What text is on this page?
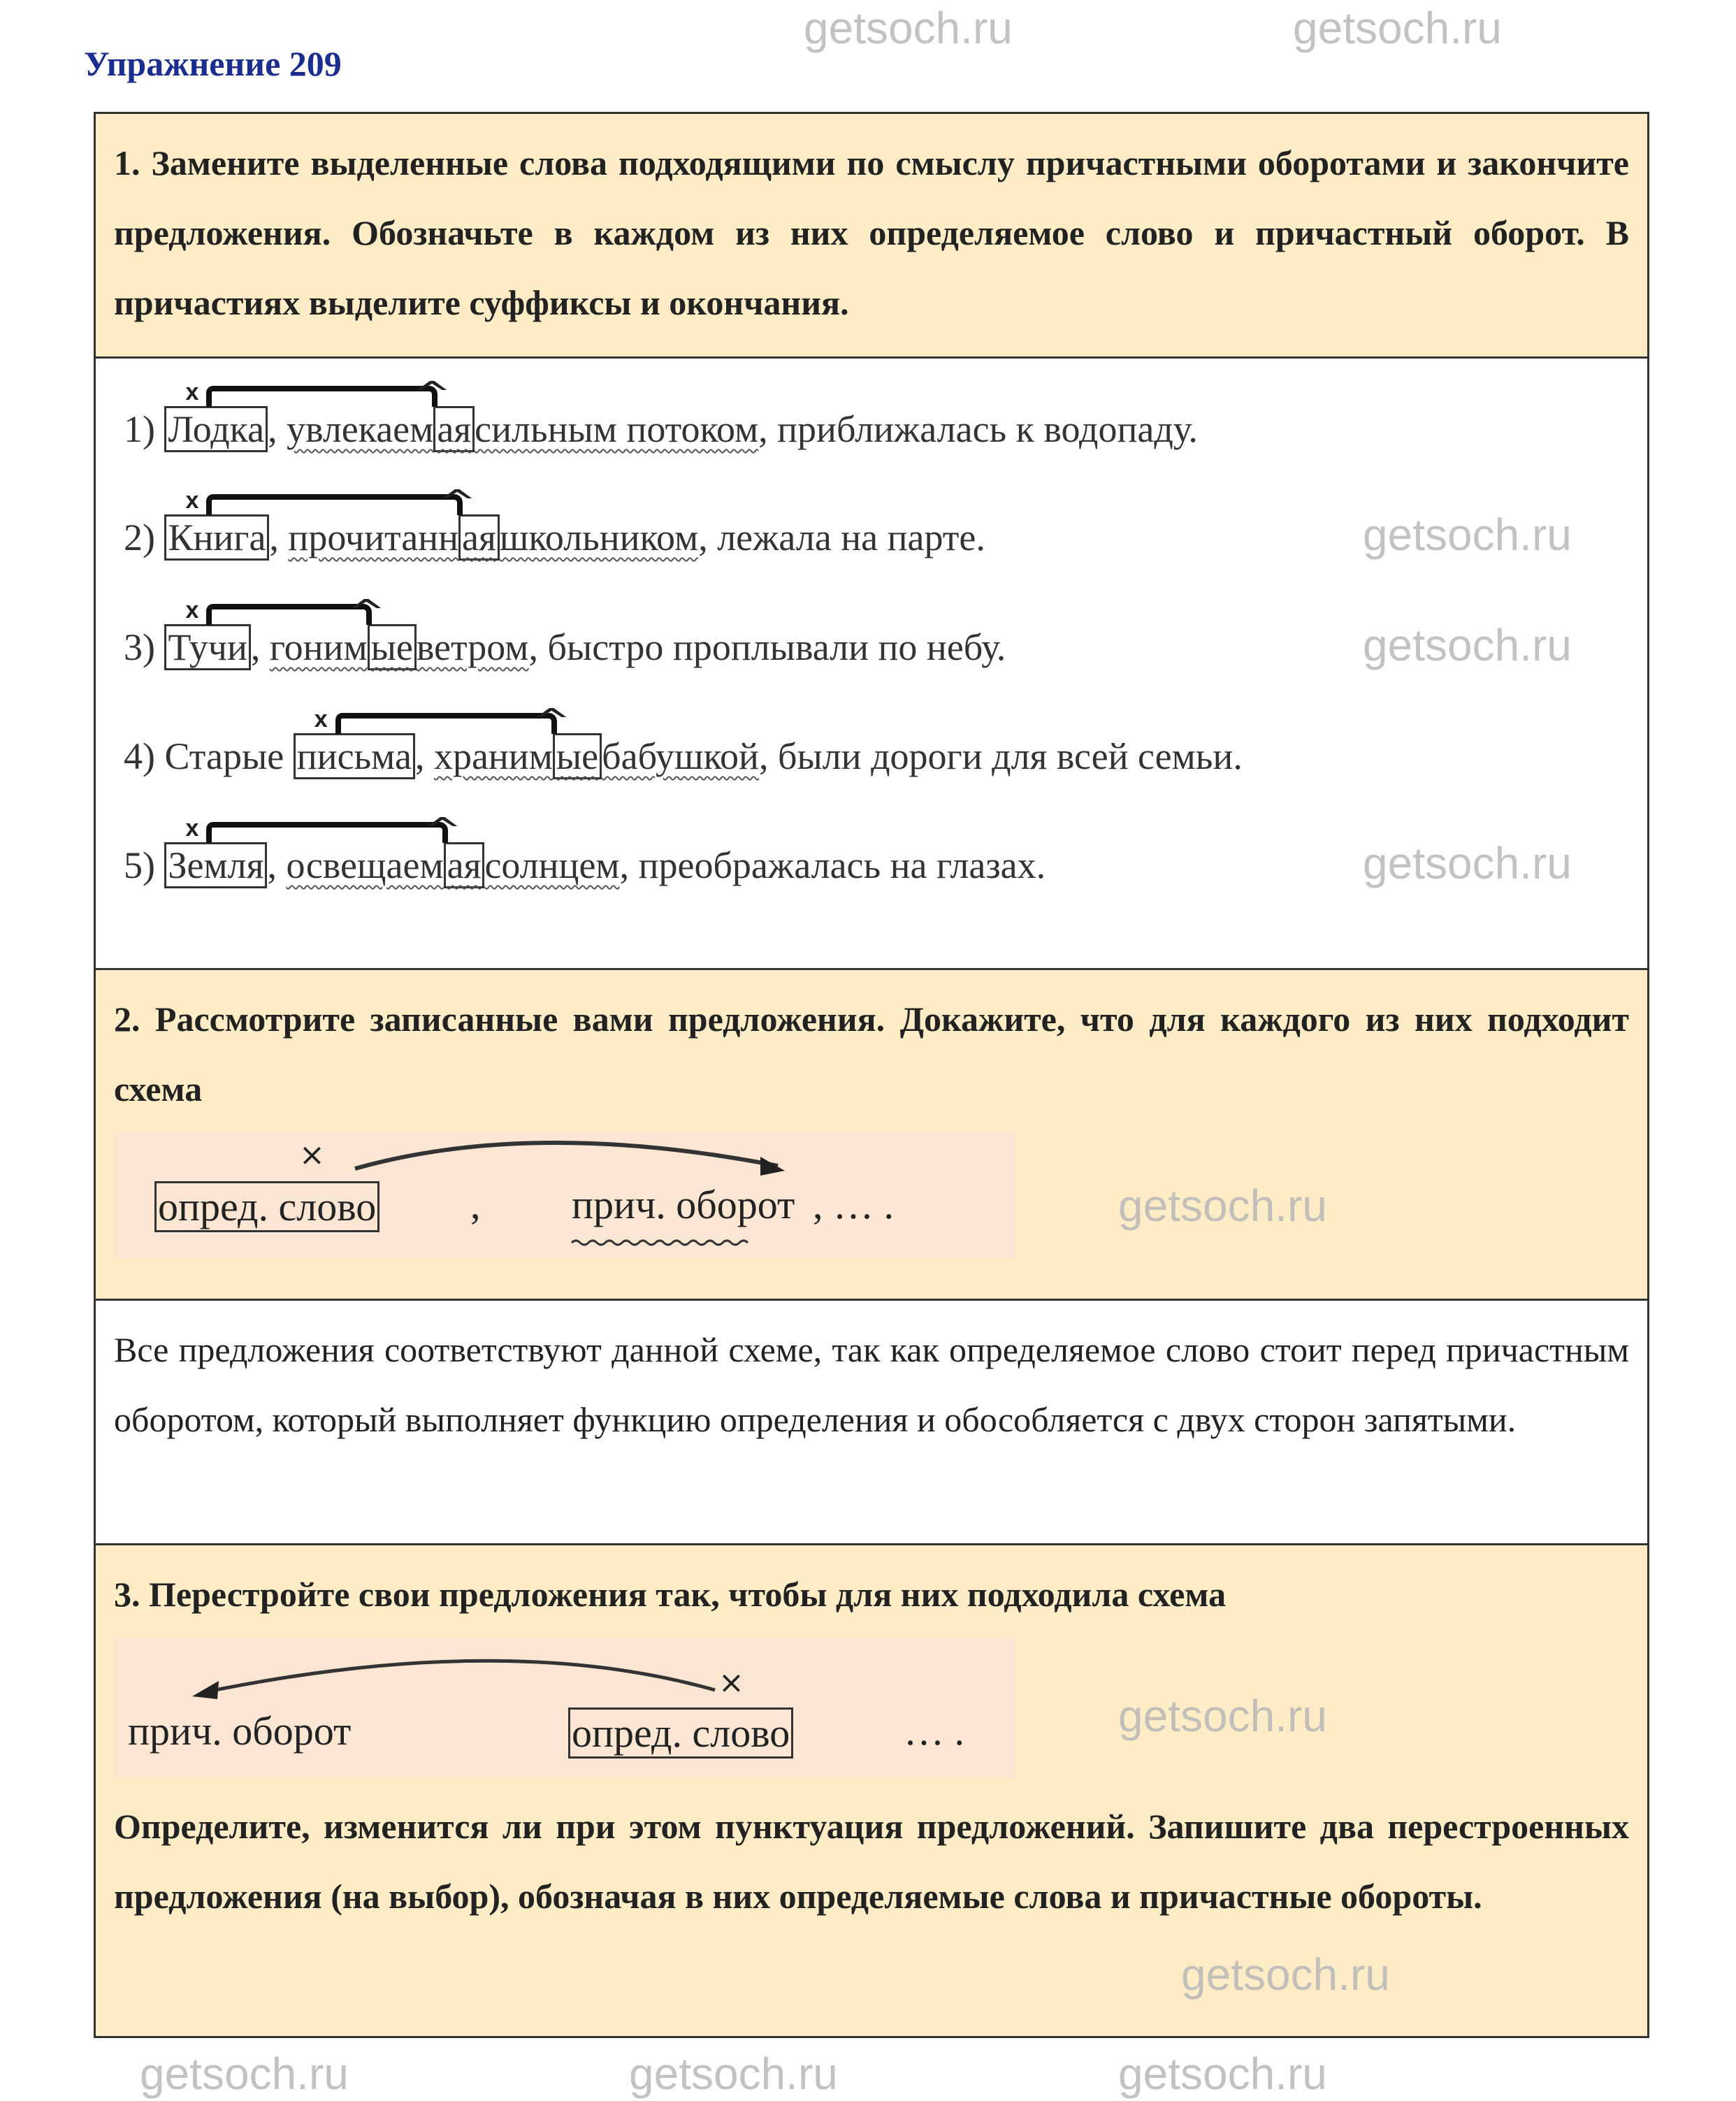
Упражнение 209
1. Замените выделенные слова подходящими по смыслу причастными оборотами и закончите предложения. Обозначьте в каждом из них определяемое слово и причастный оборот. В причастиях выделите суффиксы и окончания.
1) Лодка, увлекаемаясильным потоком, приближалась к водопаду.
2) Книга, прочитаннаяшкольником, лежала на парте.
3) Тучи, гонимыеветром, быстро проплывали по небу.
4) Старые письма, хранимыебабушкой, были дороги для всей семьи.
5) Земля, освещаемаясолнцем, преображалась на глазах.
x	^
x	^
x	^
x	^
x	^
2. Рассмотрите записанные вами предложения. Докажите, что для каждого из них подходит схема
×
опред. слово , прич. оборот , … .
Все предложения соответствуют данной схеме, так как определяемое слово стоит перед причастным оборотом, который выполняет функцию определения и обособляется с двух сторон запятыми.
3. Перестройте свои предложения так, чтобы для них подходила схема
×
прич. оборот	опред. слово	… .
Определите, изменится ли при этом пунктуация предложений. Запишите два перестроенных предложения (на выбор), обозначая в них определяемые слова и причастные обороты.
getsoch.ru
getsoch.ru
getsoch.ru
getsoch.ru
getsoch.ru
getsoch.ru
getsoch.ru
getsoch.ru
getsoch.ru	getsoch.ru	getsoch.ru
